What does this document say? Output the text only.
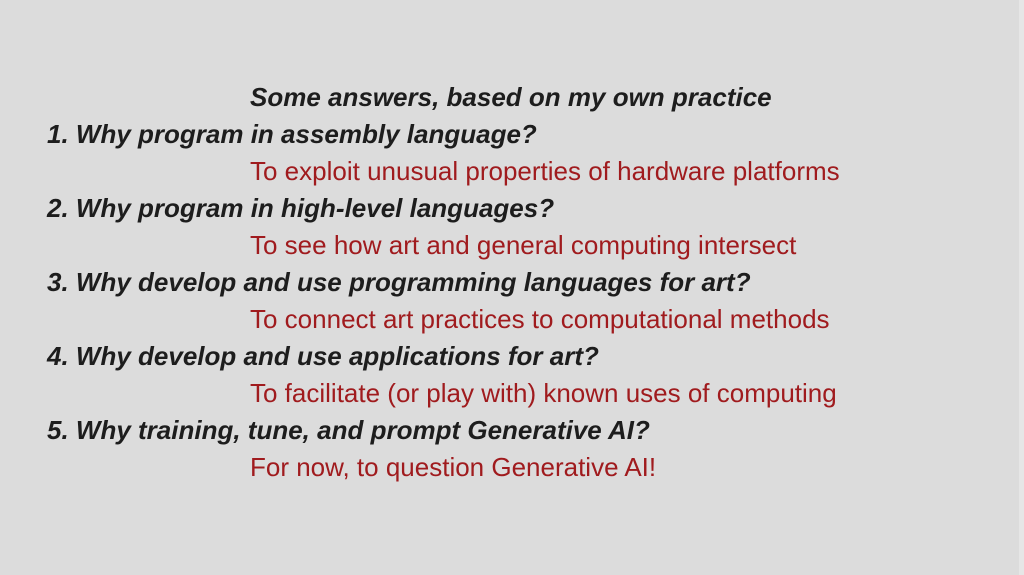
Some answers, based on my own practice
1. Why program in assembly language?
To exploit unusual properties of hardware platforms
2. Why program in high-level languages?
To see how art and general computing intersect
3. Why develop and use programming languages for art?
To connect art practices to computational methods
4. Why develop and use applications for art?
To facilitate (or play with) known uses of computing
5. Why training, tune, and prompt Generative AI?
For now, to question Generative AI!
